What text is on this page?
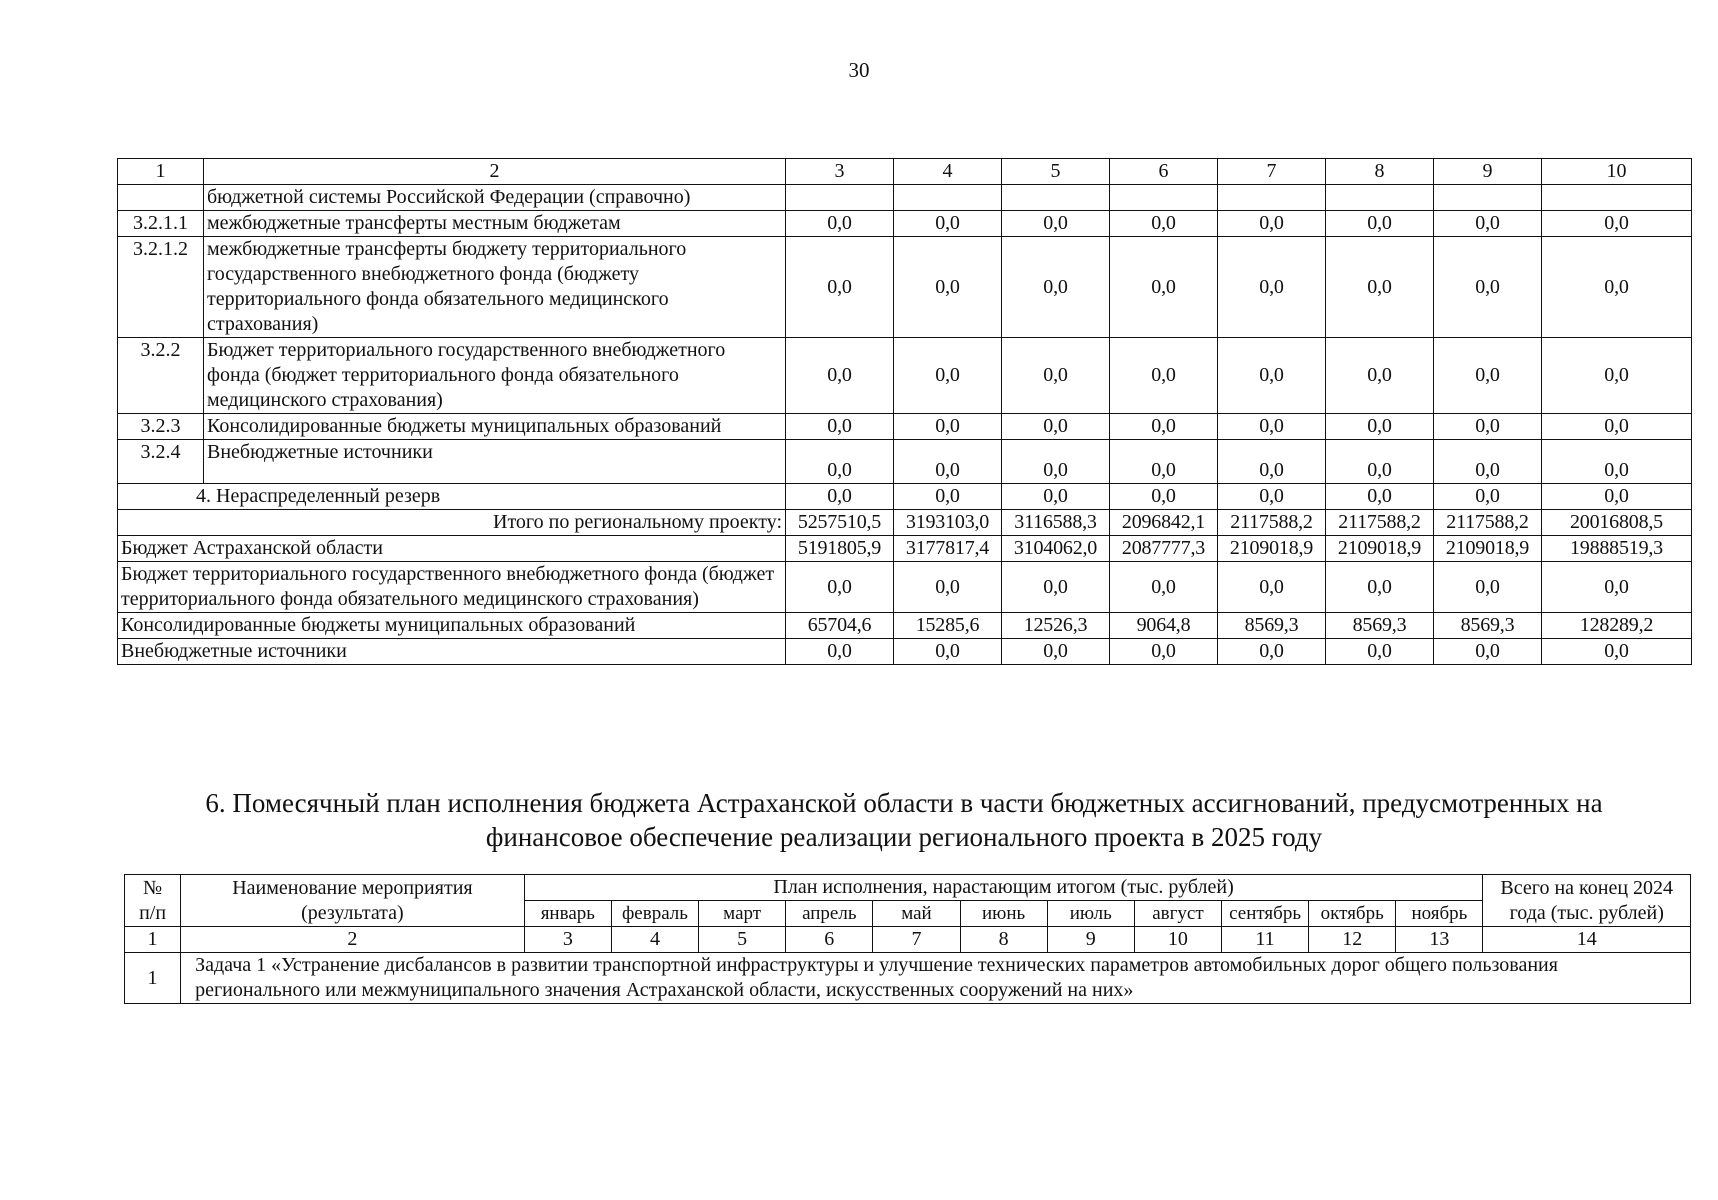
30
1	2	3	4	5	6	7	8	9	10
	бюджетной системы Российской Федерации (справочно)								
3.2.1.1	межбюджетные трансферты местным бюджетам	0,0	0,0	0,0	0,0	0,0	0,0	0,0	0,0
3.2.1.2	межбюджетные трансферты бюджету территориального государственного внебюджетного фонда (бюджету территориального фонда обязательного медицинского страхования)	0,0	0,0	0,0	0,0	0,0	0,0	0,0	0,0
3.2.2	Бюджет территориального государственного внебюджетного фонда (бюджет территориального фонда обязательного медицинского страхования)	0,0	0,0	0,0	0,0	0,0	0,0	0,0	0,0
3.2.3	Консолидированные бюджеты муниципальных образований	0,0	0,0	0,0	0,0	0,0	0,0	0,0	0,0
3.2.4	Внебюджетные источники	0,0	0,0	0,0	0,0	0,0	0,0	0,0	0,0
4. Нераспределенный резерв		0,0	0,0	0,0	0,0	0,0	0,0	0,0	0,0
Итого по региональному проекту:		5257510,5	3193103,0	3116588,3	2096842,1	2117588,2	2117588,2	2117588,2	20016808,5
Бюджет Астраханской области		5191805,9	3177817,4	3104062,0	2087777,3	2109018,9	2109018,9	2109018,9	19888519,3
Бюджет территориального государственного внебюджетного фонда (бюджет территориального фонда обязательного медицинского страхования)		0,0	0,0	0,0	0,0	0,0	0,0	0,0	0,0
Консолидированные бюджеты муниципальных образований		65704,6	15285,6	12526,3	9064,8	8569,3	8569,3	8569,3	128289,2
Внебюджетные источники		0,0	0,0	0,0	0,0	0,0	0,0	0,0	0,0
6. Помесячный план исполнения бюджета Астраханской области в части бюджетных ассигнований, предусмотренных на
финансовое обеспечение реализации регионального проекта в 2025 году
№
п/п	Наименование мероприятия (результата)	План исполнения, нарастающим итогом (тыс. рублей)											Всего на конец 2024 года (тыс. рублей)
		январь	февраль	март	апрель	май	июнь	июль	август	сентябрь	октябрь	ноябрь	
1	2	3	4	5	6	7	8	9	10	11	12	13	14
1	Задача 1 «Устранение дисбалансов в развитии транспортной инфраструктуры и улучшение технических параметров автомобильных дорог общего пользования регионального или межмуниципального значения Астраханской области, искусственных сооружений на них»												
